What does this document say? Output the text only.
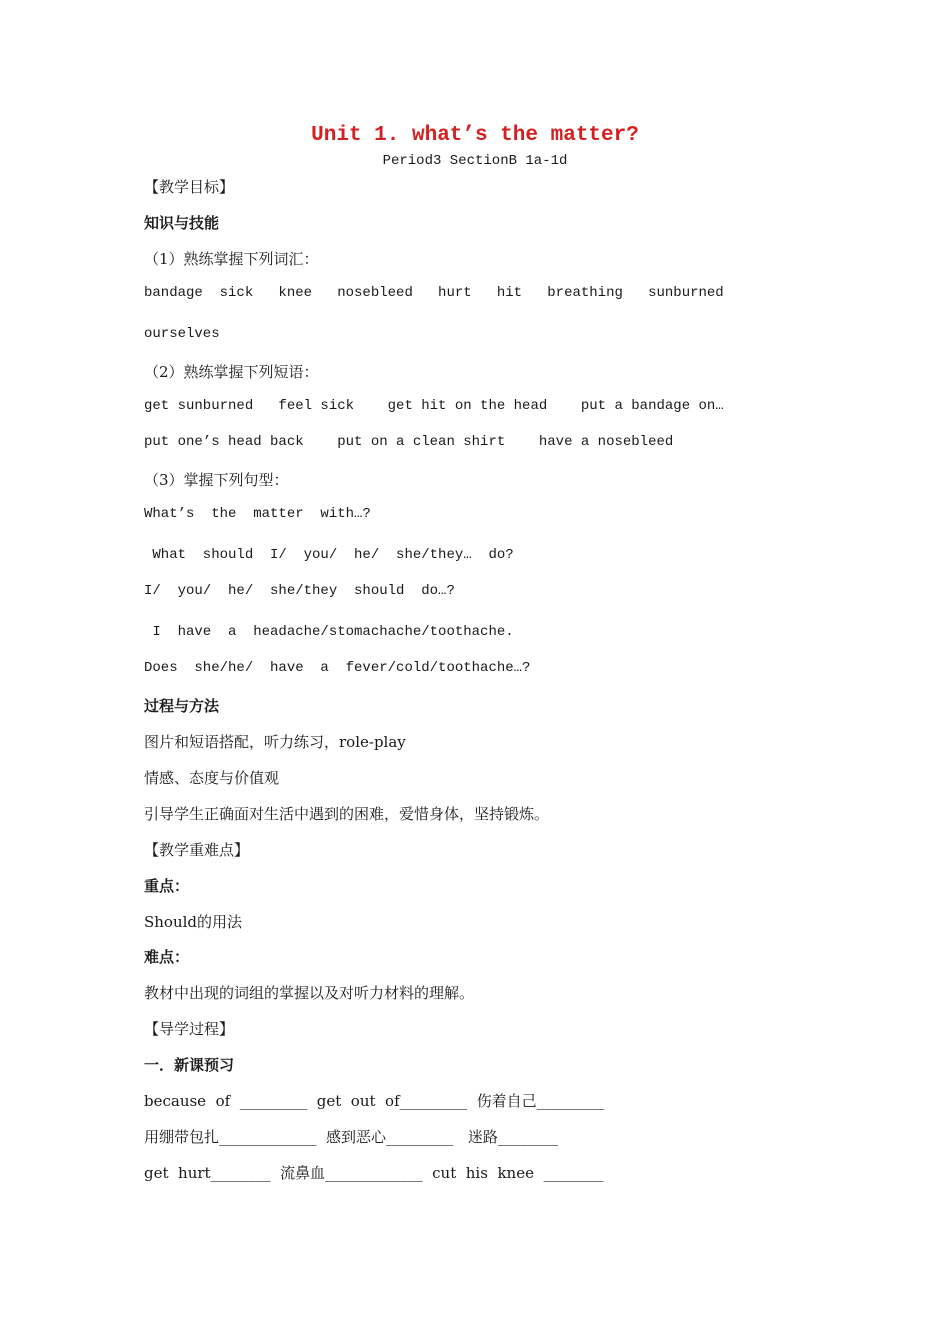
Unit 1. what’s the matter?
Period3 SectionB 1a-1d
【教学目标】
知识与技能
（1）熟练掌握下列词汇：
bandage  sick   knee   nosebleed   hurt   hit   breathing   sunburned
ourselves
（2）熟练掌握下列短语：
get sunburned   feel sick    get hit on the head    put a bandage on…
put one’s head back    put on a clean shirt    have a nosebleed
（3）掌握下列句型：
What’s  the  matter  with…?
What  should  I/  you/  he/  she/they…  do?
I/  you/  he/  she/they  should  do…?
I  have  a  headache/stomachache/toothache.
Does  she/he/  have  a  fever/cold/toothache…?
过程与方法
图片和短语搭配，听力练习，role-play
情感、态度与价值观
引导学生正确面对生活中遇到的困难，爱惜身体，坚持锻炼。
【教学重难点】
重点：
Should的用法
难点：
教材中出现的词组的掌握以及对听力材料的理解。
【导学过程】
一．新课预习
because  of  _________  get  out  of_________  伤着自己_________
用绷带包扎_____________  感到恶心_________   迷路________
get  hurt________  流鼻血_____________  cut  his  knee  ________
